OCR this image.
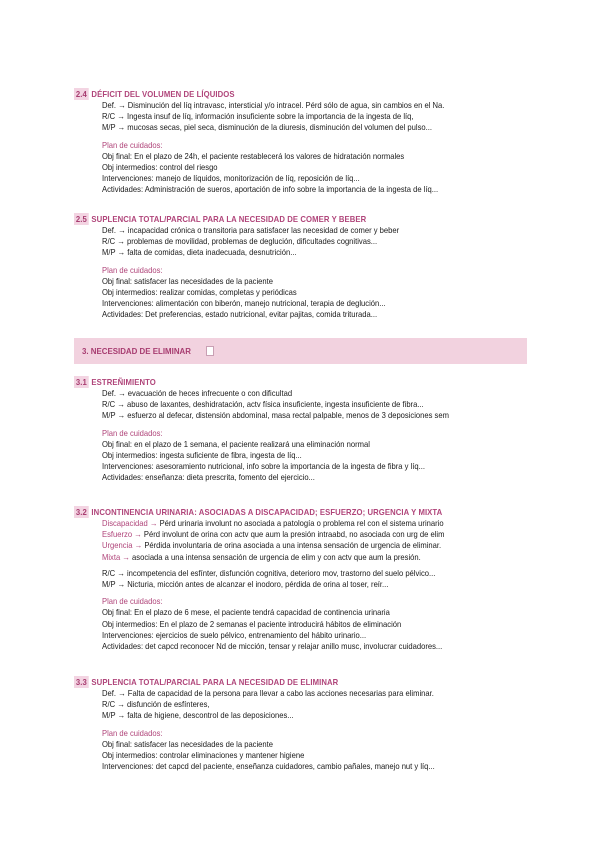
2.4 DÉFICIT DEL VOLUMEN DE LÍQUIDOS
Def. → Disminución del líq intravasc, intersticial y/o intracel. Pérd sólo de agua, sin cambios en el Na.
R/C → Ingesta insuf de líq, información insuficiente sobre la importancia de la ingesta de líq,
M/P → mucosas secas, piel seca, disminución de la diuresis, disminución del volumen del pulso...
Plan de cuidados:
Obj final: En el plazo de 24h, el paciente restablecerá los valores de hidratación normales
Obj intermedios: control del riesgo
Intervenciones: manejo de líquidos, monitorización de líq, reposición de líq...
Actividades: Administración de sueros, aportación de info sobre la importancia de la ingesta de líq...
2.5 SUPLENCIA TOTAL/PARCIAL PARA LA NECESIDAD DE COMER Y BEBER
Def. → incapacidad crónica o transitoria para satisfacer las necesidad de comer y beber
R/C → problemas de movilidad, problemas de deglución, dificultades cognitivas...
M/P → falta de comidas, dieta inadecuada, desnutrición...
Plan de cuidados:
Obj final: satisfacer las necesidades de la paciente
Obj intermedios: realizar comidas, completas y periódicas
Intervenciones: alimentación con biberón, manejo nutricional, terapia de deglución...
Actividades: Det preferencias, estado nutricional, evitar pajitas, comida triturada...
3. NECESIDAD DE ELIMINAR
3.1 ESTREÑIMIENTO
Def. → evacuación de heces infrecuente o con dificultad
R/C → abuso de laxantes, deshidratación, actv física insuficiente, ingesta insuficiente de fibra...
M/P → esfuerzo al defecar, distensión abdominal, masa rectal palpable, menos de 3 deposiciones sem
Plan de cuidados:
Obj final: en el plazo de 1 semana, el paciente realizará una eliminación normal
Obj intermedios: ingesta suficiente de fibra, ingesta de líq...
Intervenciones: asesoramiento nutricional, info sobre la importancia de la ingesta de fibra y líq...
Actividades: enseñanza: dieta prescrita, fomento del ejercicio...
3.2 INCONTINENCIA URINARIA: ASOCIADAS A DISCAPACIDAD; ESFUERZO; URGENCIA Y MIXTA
Discapacidad → Pérd urinaria involunt no asociada a patología o problema rel con el sistema urinario
Esfuerzo → Pérd involunt de orina con actv que aum la presión intraabd, no asociada con urg de elim
Urgencia → Pérdida involuntaria de orina asociada a una intensa sensación de urgencia de eliminar.
Mixta → asociada a una intensa sensación de urgencia de elim y con actv que aum la presión.
R/C → incompetencia del esfínter, disfunción cognitiva, deterioro mov, trastorno del suelo pélvico...
M/P → Nicturia, micción antes de alcanzar el inodoro, pérdida de orina al toser, reír...
Plan de cuidados:
Obj final: En el plazo de 6 mese, el paciente tendrá capacidad de continencia urinaria
Obj intermedios: En el plazo de 2 semanas el paciente introducirá hábitos de eliminación
Intervenciones: ejercicios de suelo pélvico, entrenamiento del hábito urinario...
Actividades: det capcd reconocer Nd de micción, tensar y relajar anillo musc, involucrar cuidadores...
3.3 SUPLENCIA TOTAL/PARCIAL PARA LA NECESIDAD DE ELIMINAR
Def. → Falta de capacidad de la persona para llevar a cabo las acciones necesarias para eliminar.
R/C → disfunción de esfínteres,
M/P → falta de higiene, descontrol de las deposiciones...
Plan de cuidados:
Obj final: satisfacer las necesidades de la paciente
Obj intermedios: controlar eliminaciones y mantener higiene
Intervenciones: det capcd del paciente, enseñanza cuidadores, cambio pañales, manejo nut y líq...
